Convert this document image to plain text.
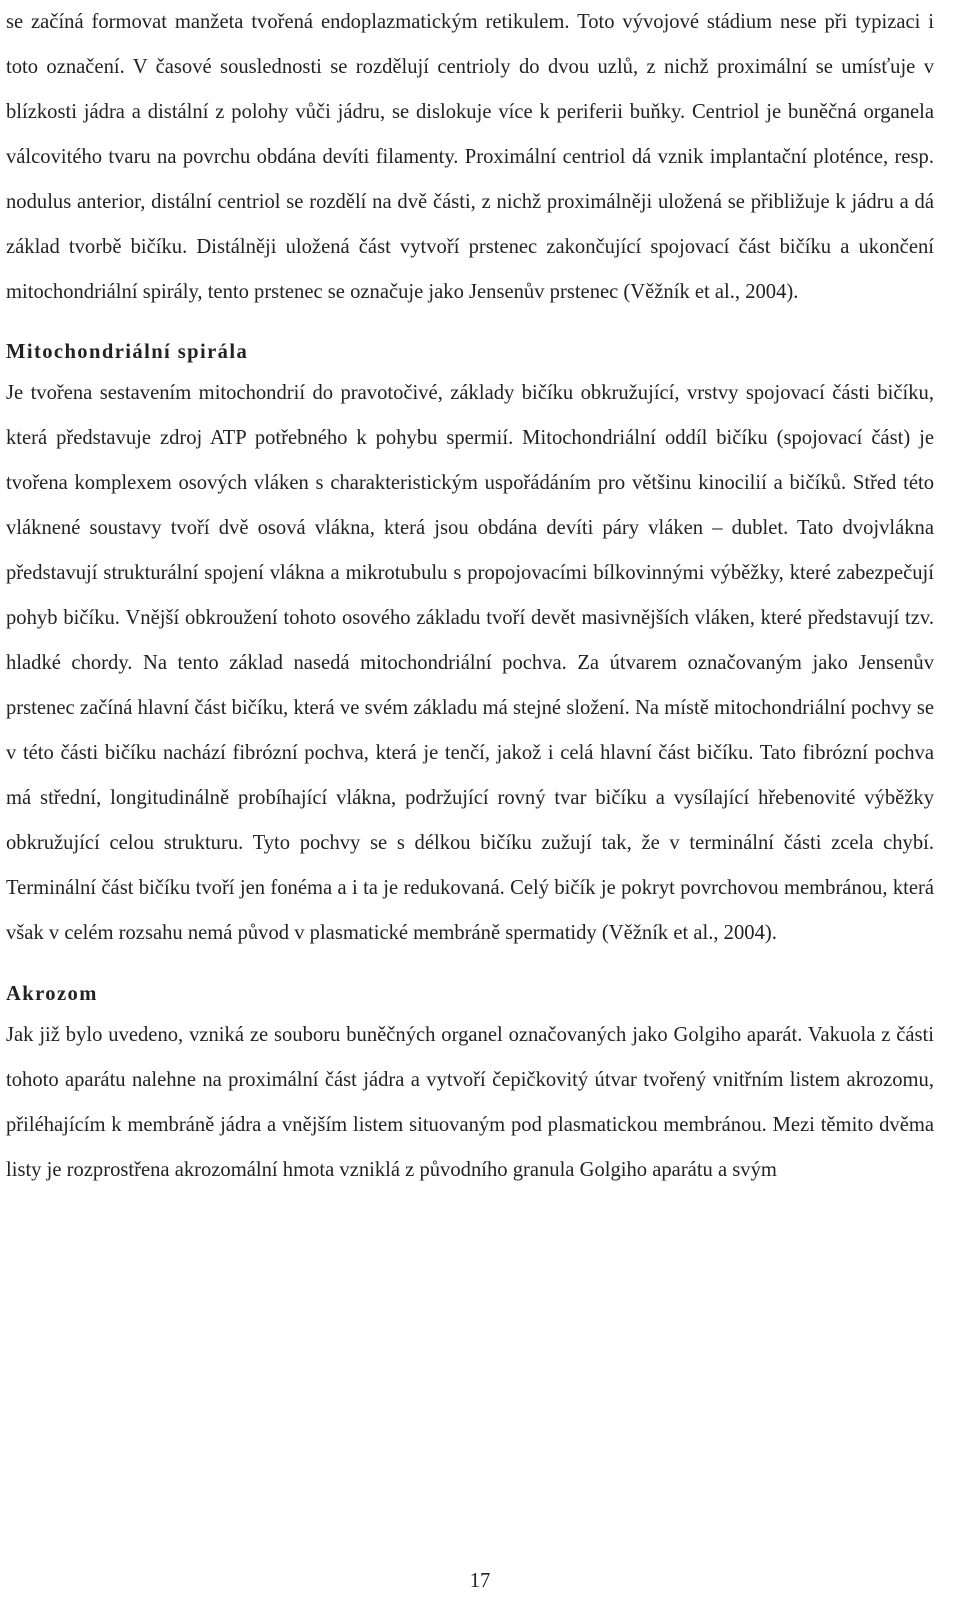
se začíná formovat manžeta tvořená endoplazmatickým retikulem. Toto vývojové stádium nese při typizaci i toto označení. V časové souslednosti se rozdělují centrioly do dvou uzlů, z nichž proximální se umísťuje v blízkosti jádra a distální z polohy vůči jádru, se dislokuje více k periferii buňky. Centriol je buněčná organela válcovitého tvaru na povrchu obdána devíti filamenty. Proximální centriol dá vznik implantační ploténce, resp. nodulus anterior, distální centriol se rozdělí na dvě části, z nichž proximálněji uložená se přibližuje k jádru a dá základ tvorbě bičíku. Distálněji uložená část vytvoří prstenec zakončující spojovací část bičíku a ukončení mitochondriální spirály, tento prstenec se označuje jako Jensenův prstenec (Věžník et al., 2004).

Mitochondriální spirála

Je tvořena sestavením mitochondrií do pravotočivé, základy bičíku obkružující, vrstvy spojovací části bičíku, která představuje zdroj ATP potřebného k pohybu spermií. Mitochondriální oddíl bičíku (spojovací část) je tvořena komplexem osových vláken s charakteristickým uspořádáním pro většinu kinocilií a bičíků. Střed této vláknené soustavy tvoří dvě osová vlákna, která jsou obdána devíti páry vláken – dublet. Tato dvojvlákna představují strukturální spojení vlákna a mikrotubulu s propojovacími bílkovinnými výběžky, které zabezpečují pohyb bičíku. Vnější obkroužení tohoto osového základu tvoří devět masivnějších vláken, které představují tzv. hladké chordy. Na tento základ nasedá mitochondriální pochva. Za útvarem označovaným jako Jensenův prstenec začíná hlavní část bičíku, která ve svém základu má stejné složení. Na místě mitochondriální pochvy se v této části bičíku nachází fibrózní pochva, která je tenčí, jakož i celá hlavní část bičíku. Tato fibrózní pochva má střední, longitudinálně probíhající vlákna, podržující rovný tvar bičíku a vysílající hřebenovité výběžky obkružující celou strukturu. Tyto pochvy se s délkou bičíku zužují tak, že v terminální části zcela chybí. Terminální část bičíku tvoří jen fonéma a i ta je redukovaná. Celý bičík je pokryt povrchovou membránou, která však v celém rozsahu nemá původ v plasmatické membráně spermatidy (Věžník et al., 2004).

Akrozom

Jak již bylo uvedeno, vzniká ze souboru buněčných organel označovaných jako Golgiho aparát. Vakuola z části tohoto aparátu nalehne na proximální část jádra a vytvoří čepičkovitý útvar tvořený vnitřním listem akrozomu, přiléhajícím k membráně jádra a vnějším listem situovaným pod plasmatickou membránou. Mezi těmito dvěma listy je rozprostřena akrozomální hmota vzniklá z původního granula Golgiho aparátu a svým

17
